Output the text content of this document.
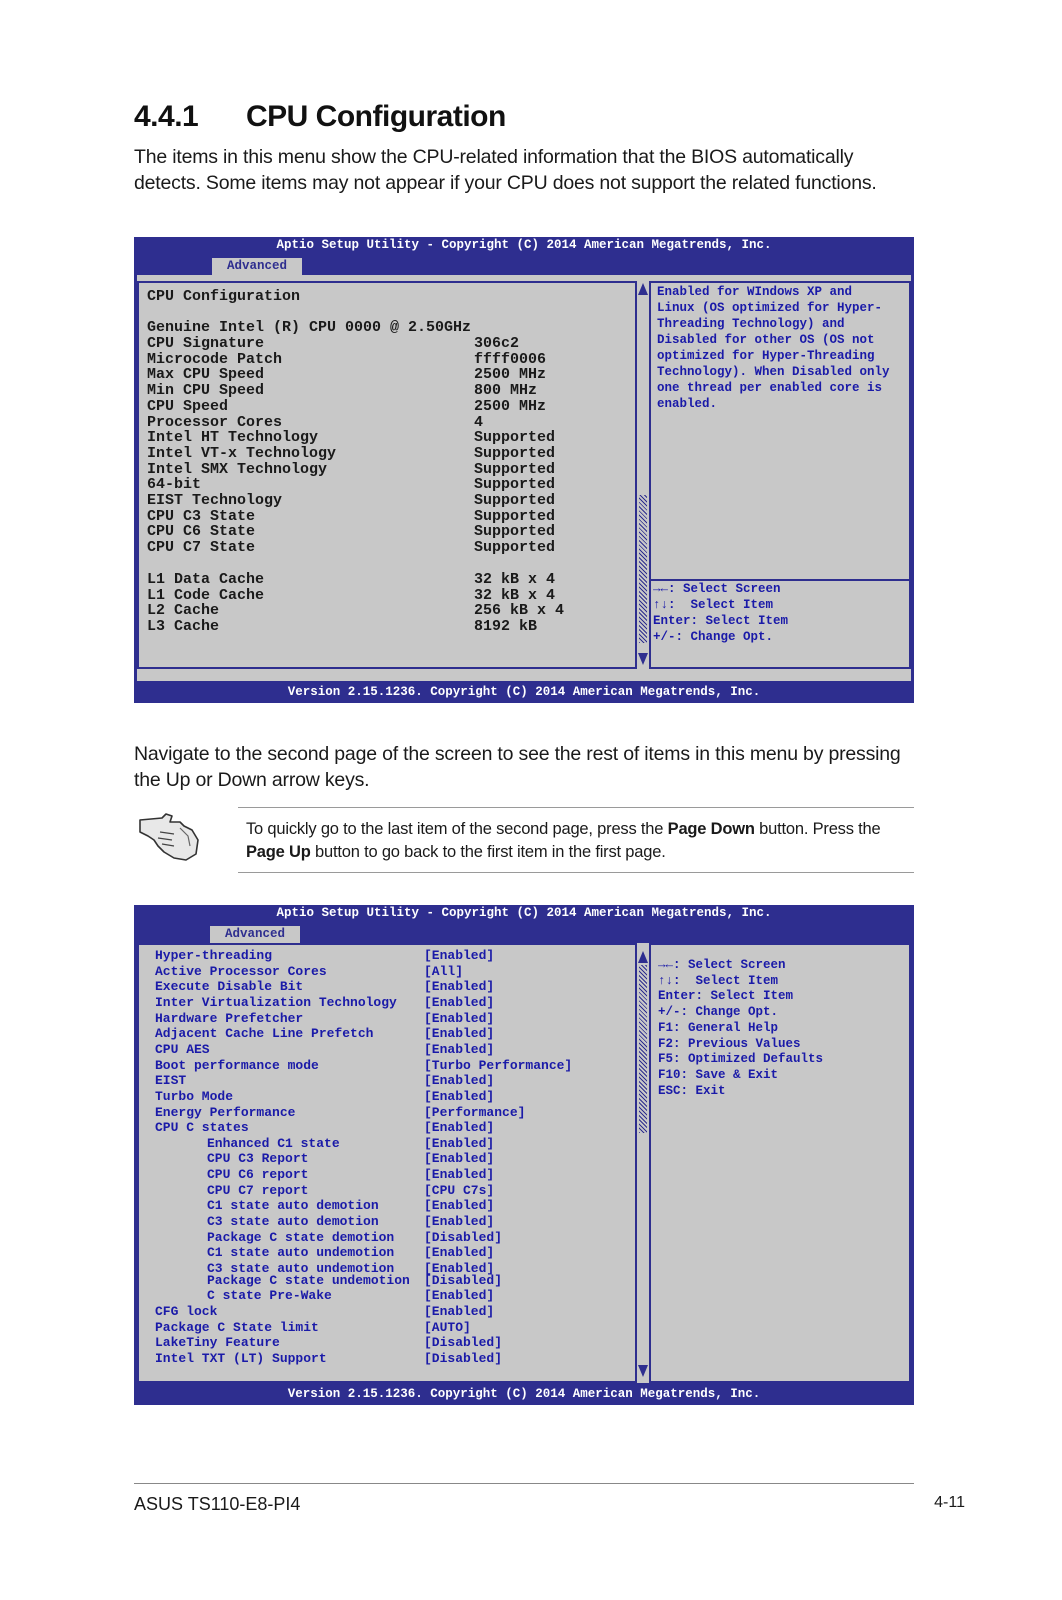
4.4.1 CPU Configuration
The items in this menu show the CPU-related information that the BIOS automatically
detects. Some items may not appear if your CPU does not support the related functions.
Aptio Setup Utility - Copyright (C) 2014 American Megatrends, Inc.
Advanced
Version 2.15.1236. Copyright (C) 2014 American Megatrends, Inc.
CPU Configuration
Genuine Intel (R) CPU 0000 @ 2.50GHz
CPU Signature	306c2
Microcode Patch	ffff0006
Max CPU Speed	2500 MHz
Min CPU Speed	800 MHz
CPU Speed	2500 MHz
Processor Cores	4
Intel HT Technology	Supported
Intel VT-x Technology	Supported
Intel SMX Technology	Supported
64-bit	Supported
EIST Technology	Supported
CPU C3 State	Supported
CPU C6 State	Supported
CPU C7 State	Supported
L1 Data Cache	32 kB x 4
L1 Code Cache	32 kB x 4
L2 Cache	256 kB x 4
L3 Cache	8192 kB
Enabled for WIndows XP and
Linux (OS optimized for Hyper-
Threading Technology) and
Disabled for other OS (OS not
optimized for Hyper-Threading
Technology). When Disabled only
one thread per enabled core is
enabled.
→←: Select Screen
↑↓:  Select Item
Enter: Select Item
+/-: Change Opt.
Navigate to the second page of the screen to see the rest of items in this menu by pressing
the Up or Down arrow keys.
To quickly go to the last item of the second page, press the Page Down button. Press the Page Up button to go back to the first item in the first page.
Aptio Setup Utility - Copyright (C) 2014 American Megatrends, Inc.
Advanced
Version 2.15.1236. Copyright (C) 2014 American Megatrends, Inc.
Hyper-threading	[Enabled]
Active Processor Cores	[All]
Execute Disable Bit	[Enabled]
Inter Virtualization Technology [Enabled]
Hardware Prefetcher	[Enabled]
Adjacent Cache Line Prefetch	[Enabled]
CPU AES	[Enabled]
Boot performance mode	[Turbo Performance]
EIST	[Enabled]
Turbo Mode	[Enabled]
Energy Performance	[Performance]
CPU C states	[Enabled]
Enhanced C1 state	[Enabled]
CPU C3 Report	[Enabled]
CPU C6 report	[Enabled]
CPU C7 report	[CPU C7s]
C1 state auto demotion	[Enabled]
C3 state auto demotion	[Enabled]
Package C state demotion [Disabled]
C1 state auto undemotion [Enabled]
C3 state auto undemotion [Enabled]
Package C state undemotion [Disabled]
C state Pre-Wake	[Enabled]
CFG lock	[Enabled]
Package C State limit	[AUTO]
LakeTiny Feature	[Disabled]
Intel TXT (LT) Support	[Disabled]
→←: Select Screen
↑↓:  Select Item
Enter: Select Item
+/-: Change Opt.
F1: General Help
F2: Previous Values
F5: Optimized Defaults
F10: Save & Exit
ESC: Exit
ASUS TS110-E8-PI4	4-11
